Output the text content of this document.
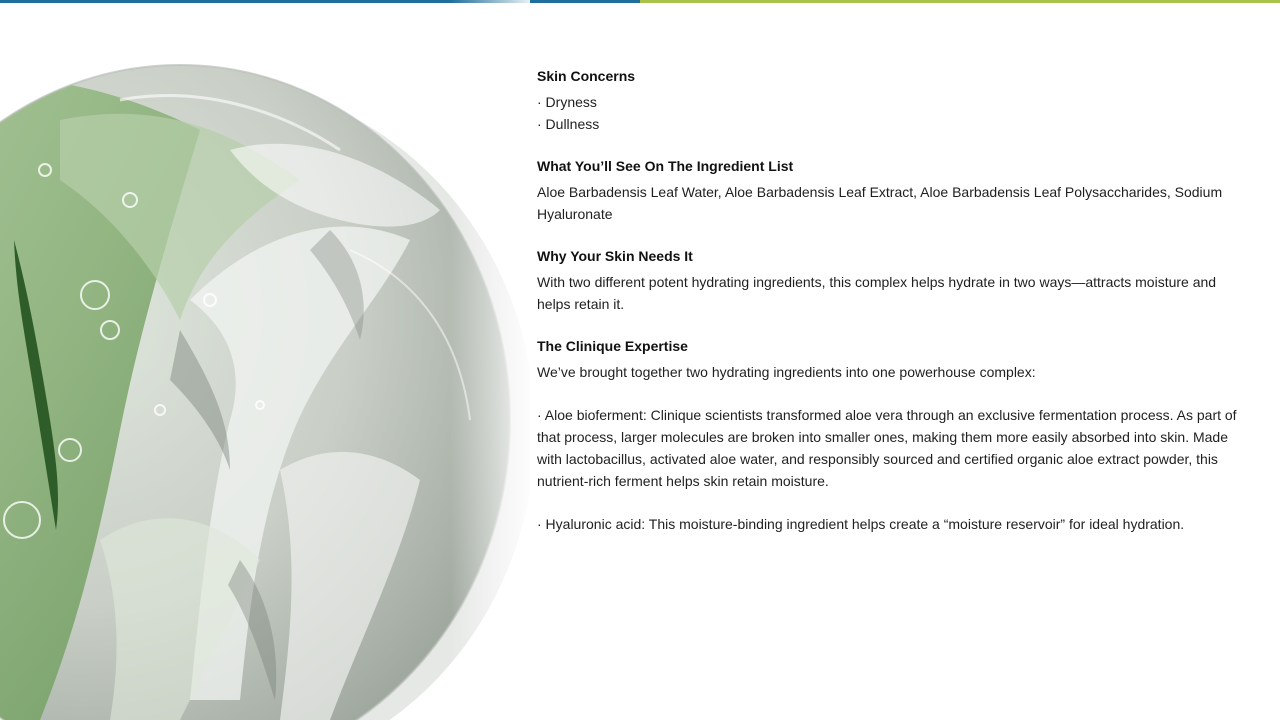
Skin Concerns
· Dryness
· Dullness
What You’ll See On The Ingredient List

Aloe Barbadensis Leaf Water, Aloe Barbadensis Leaf Extract, Aloe Barbadensis Leaf Polysaccharides, Sodium Hyaluronate

Why Your Skin Needs It

With two different potent hydrating ingredients, this complex helps hydrate in two ways—attracts moisture and helps retain it.

The Clinique Expertise

We’ve brought together two hydrating ingredients into one powerhouse complex:

· Aloe bioferment: Clinique scientists transformed aloe vera through an exclusive fermentation process. As part of that process, larger molecules are broken into smaller ones, making them more easily absorbed into skin. Made with lactobacillus, activated aloe water, and responsibly sourced and certified organic aloe extract powder, this nutrient-rich ferment helps skin retain moisture.

· Hyaluronic acid: This moisture-binding ingredient helps create a “moisture reservoir” for ideal hydration.
